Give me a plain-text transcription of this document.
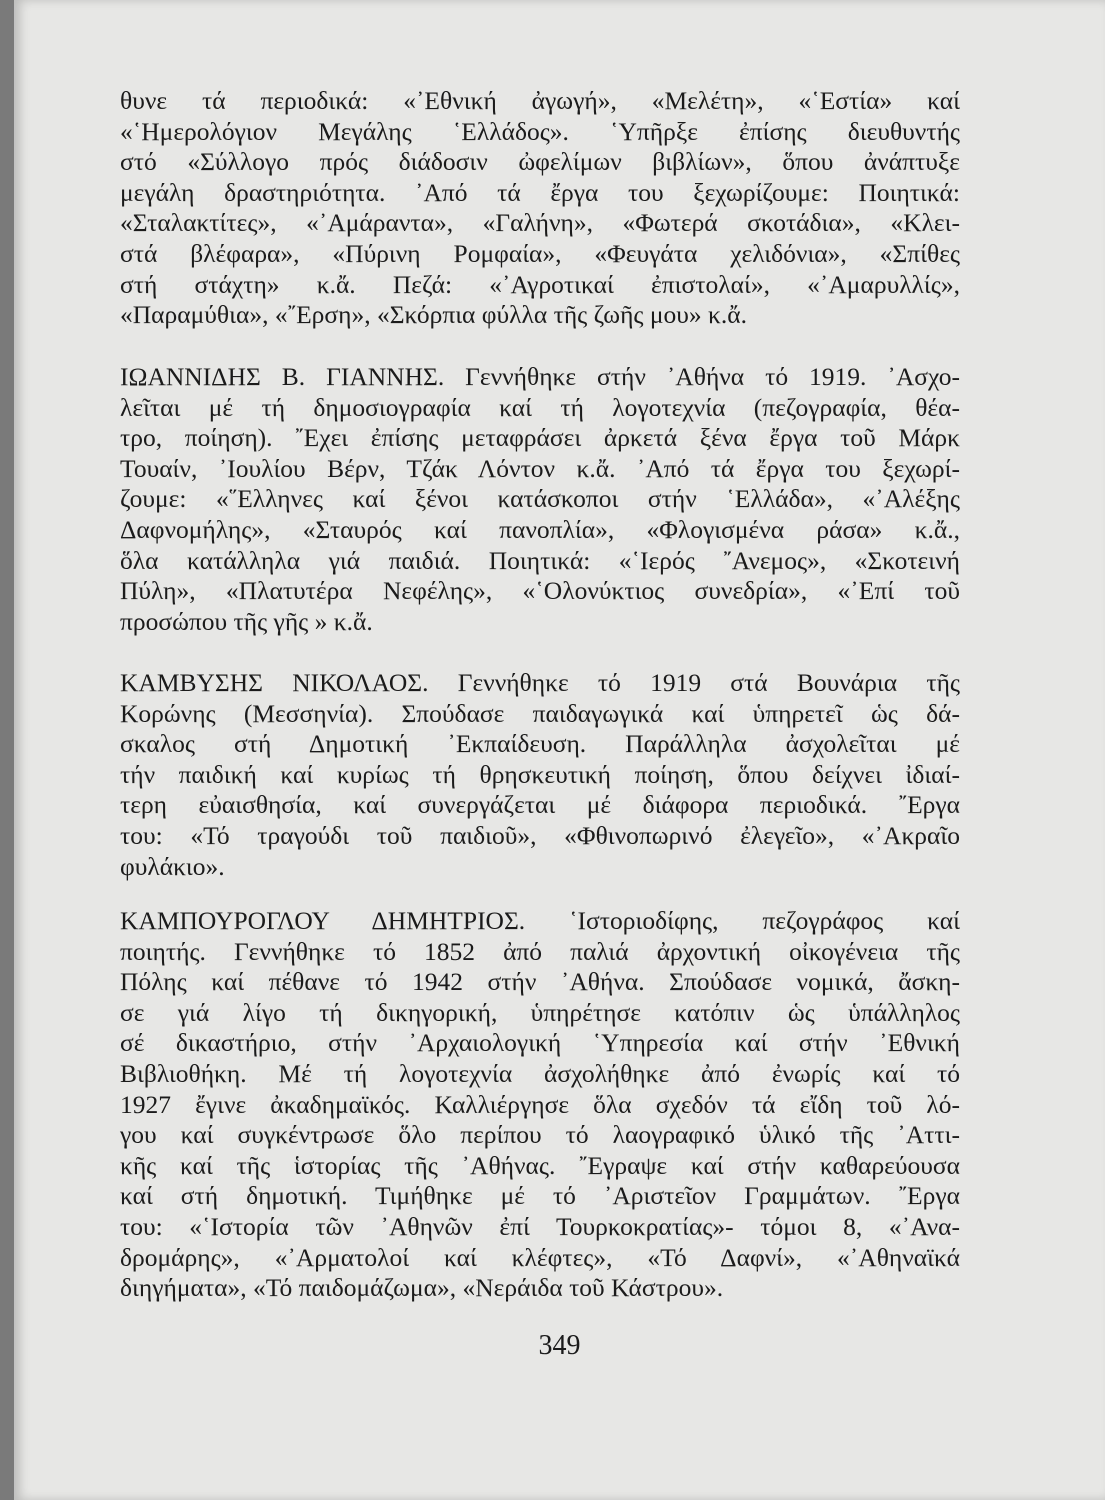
θυνε τά περιοδικά: «᾿Εθνική ἀγωγή», «Μελέτη», «῾Εστία» καί
«῾Ημερολόγιον Μεγάλης ῾Ελλάδος». ῾Υπῆρξε ἐπίσης διευθυντής
στό «Σύλλογο πρός διάδοσιν ὠφελίμων βιβλίων», ὅπου ἀνάπτυξε
μεγάλη δραστηριότητα. ᾿Από τά ἔργα του ξεχωρίζουμε: Ποιητικά:
«Σταλακτίτες», «᾿Αμάραντα», «Γαλήνη», «Φωτερά σκοτάδια», «Κλει-
στά βλέφαρα», «Πύρινη Ρομφαία», «Φευγάτα χελιδόνια», «Σπίθες
στή στάχτη» κ.ἄ. Πεζά: «᾿Αγροτικαί ἐπιστολαί», «᾿Αμαρυλλίς»,
«Παραμύθια», «῎Ερση», «Σκόρπια φύλλα τῆς ζωῆς μου» κ.ἄ.
ΙΩΑΝΝΙΔΗΣ Β. ΓΙΑΝΝΗΣ. Γεννήθηκε στήν ᾿Αθήνα τό 1919. ᾿Ασχο-
λεῖται μέ τή δημοσιογραφία καί τή λογοτεχνία (πεζογραφία, θέα-
τρο, ποίηση). ῎Εχει ἐπίσης μεταφράσει ἀρκετά ξένα ἔργα τοῦ Μάρκ
Τουαίν, ᾿Ιουλίου Βέρν, Τζάκ Λόντον κ.ἄ. ᾿Από τά ἔργα του ξεχωρί-
ζουμε: «῞Ελληνες καί ξένοι κατάσκοποι στήν ῾Ελλάδα», «᾿Αλέξης
Δαφνομήλης», «Σταυρός καί πανοπλία», «Φλογισμένα ράσα» κ.ἄ.,
ὅλα κατάλληλα γιά παιδιά. Ποιητικά: «῾Ιερός ῎Ανεμος», «Σκοτεινή
Πύλη», «Πλατυτέρα Νεφέλης», «῾Ολονύκτιος συνεδρία», «᾿Επί τοῦ
προσώπου τῆς γῆς » κ.ἄ.
ΚΑΜΒΥΣΗΣ ΝΙΚΟΛΑΟΣ. Γεννήθηκε τό 1919 στά Βουνάρια τῆς
Κορώνης (Μεσσηνία). Σπούδασε παιδαγωγικά καί ὑπηρετεῖ ὡς δά-
σκαλος στή Δημοτική ᾿Εκπαίδευση. Παράλληλα ἀσχολεῖται μέ
τήν παιδική καί κυρίως τή θρησκευτική ποίηση, ὅπου δείχνει ἰδιαί-
τερη εὐαισθησία, καί συνεργάζεται μέ διάφορα περιοδικά. ῎Εργα
του: «Τό τραγούδι τοῦ παιδιοῦ», «Φθινοπωρινό ἐλεγεῖο», «᾿Ακραῖο
φυλάκιο».
ΚΑΜΠΟΥΡΟΓΛΟΥ ΔΗΜΗΤΡΙΟΣ. ῾Ιστοριοδίφης, πεζογράφος καί
ποιητής. Γεννήθηκε τό 1852 ἀπό παλιά ἀρχοντική οἰκογένεια τῆς
Πόλης καί πέθανε τό 1942 στήν ᾿Αθήνα. Σπούδασε νομικά, ἄσκη-
σε γιά λίγο τή δικηγορική, ὑπηρέτησε κατόπιν ὡς ὑπάλληλος
σέ δικαστήριο, στήν ᾿Αρχαιολογική ῾Υπηρεσία καί στήν ᾿Εθνική
Βιβλιοθήκη. Μέ τή λογοτεχνία ἀσχολήθηκε ἀπό ἐνωρίς καί τό
1927 ἔγινε ἀκαδημαϊκός. Καλλιέργησε ὅλα σχεδόν τά εἴδη τοῦ λό-
γου καί συγκέντρωσε ὅλο περίπου τό λαογραφικό ὑλικό τῆς ᾿Αττι-
κῆς καί τῆς ἱστορίας τῆς ᾿Αθήνας. ῎Εγραψε καί στήν καθαρεύουσα
καί στή δημοτική. Τιμήθηκε μέ τό ᾿Αριστεῖον Γραμμάτων. ῎Εργα
του: «῾Ιστορία τῶν ᾿Αθηνῶν ἐπί Τουρκοκρατίας»- τόμοι 8, «᾿Ανα-
δρομάρης», «᾿Αρματολοί καί κλέφτες», «Τό Δαφνί», «᾿Αθηναϊκά
διηγήματα», «Τό παιδομάζωμα», «Νεράιδα τοῦ Κάστρου».
349
